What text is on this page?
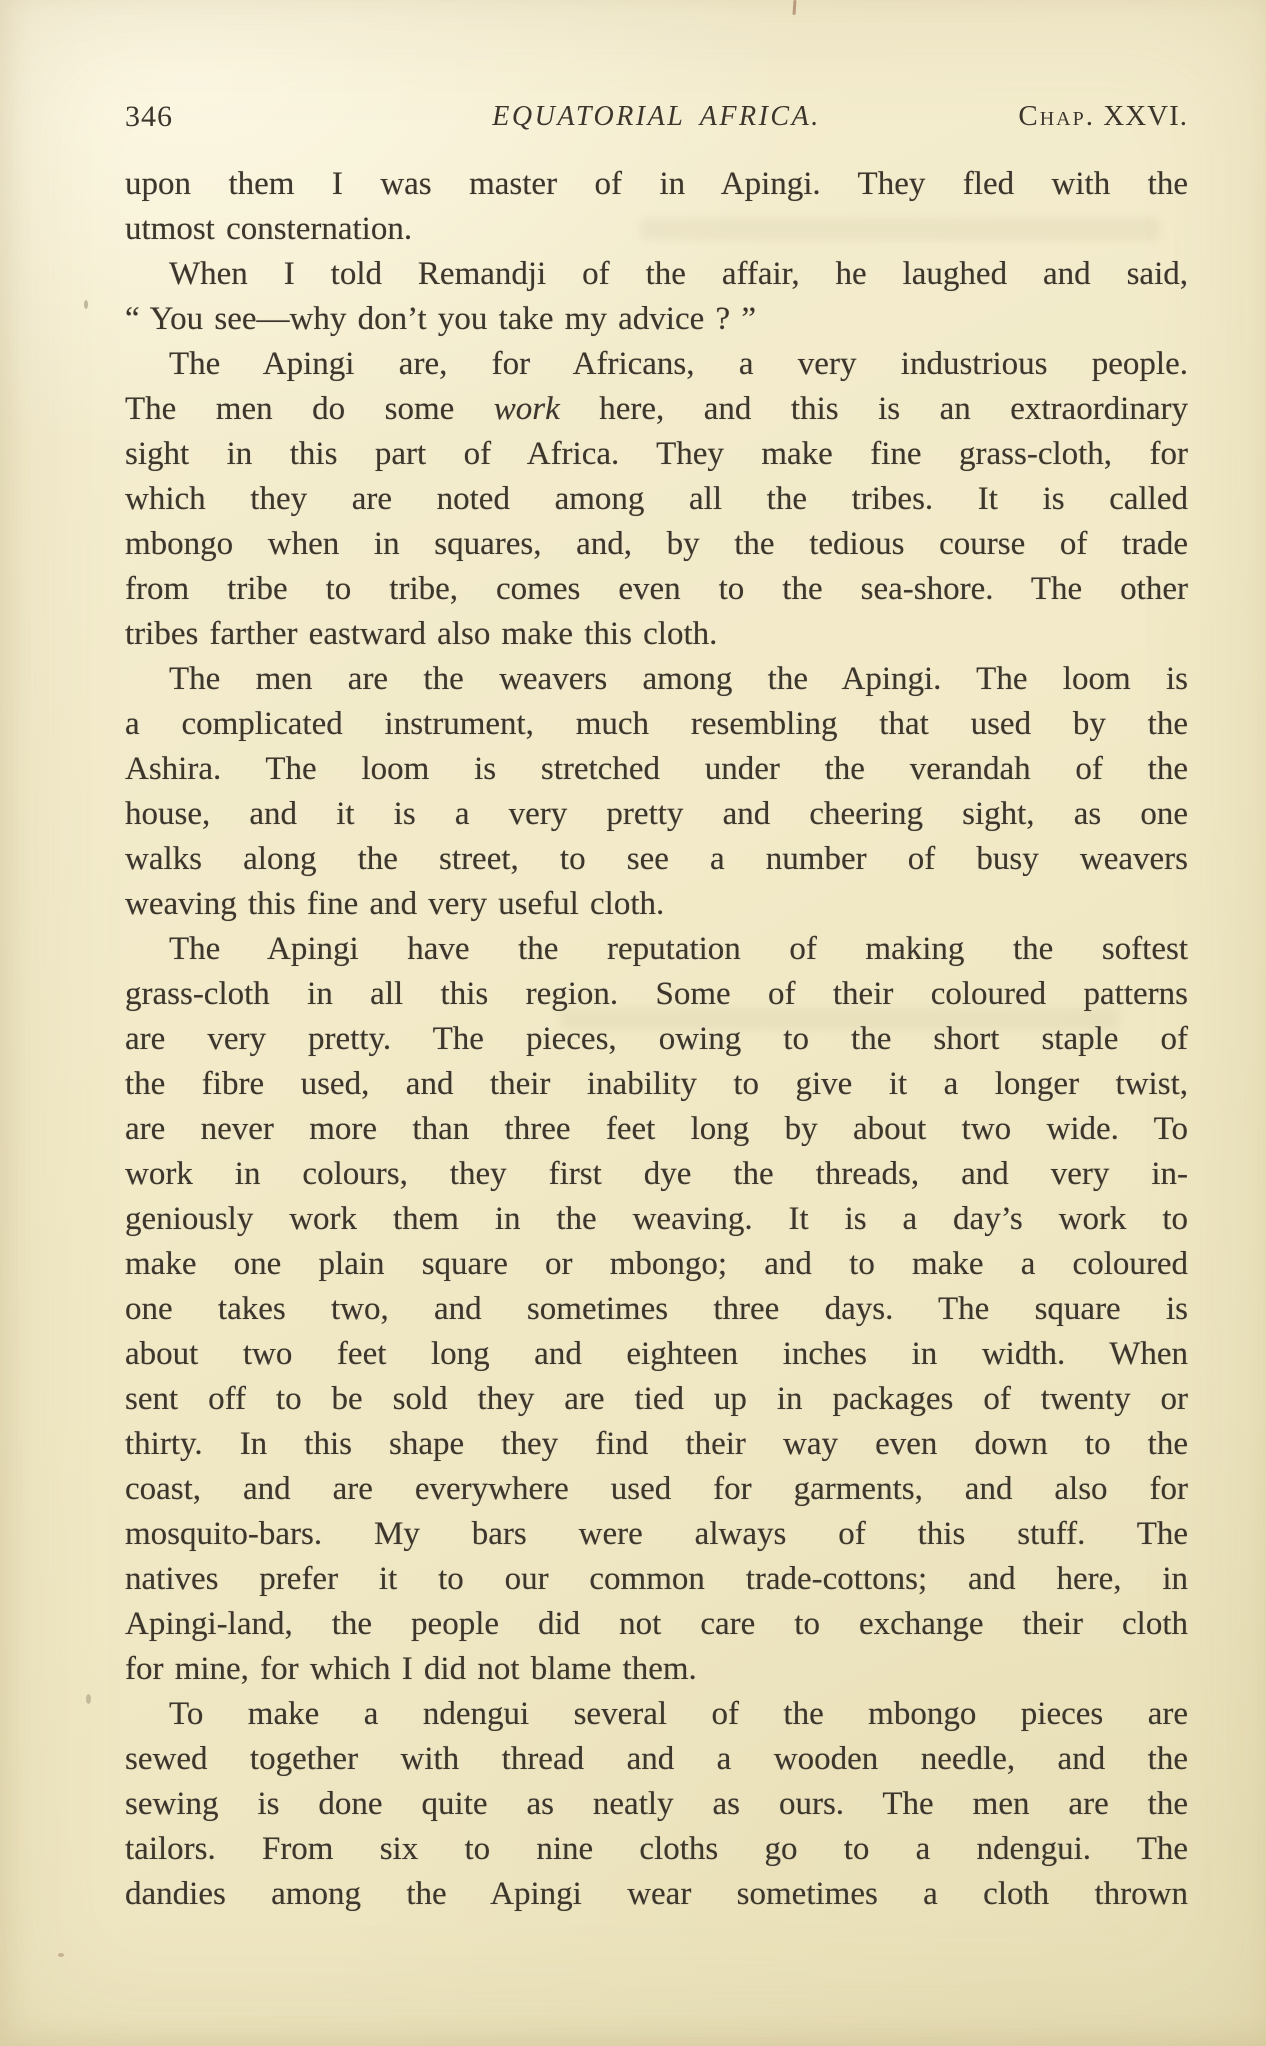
346	EQUATORIAL AFRICA.	Chap. XXVI.
upon them I was master of in Apingi. They fled with the
utmost consternation.
When I told Remandji of the affair, he laughed and said,
“ You see—why don’t you take my advice ? ”
The Apingi are, for Africans, a very industrious people.
The men do some work here, and this is an extraordinary
sight in this part of Africa. They make fine grass-cloth, for
which they are noted among all the tribes. It is called
mbongo when in squares, and, by the tedious course of trade
from tribe to tribe, comes even to the sea-shore. The other
tribes farther eastward also make this cloth.
The men are the weavers among the Apingi. The loom is
a complicated instrument, much resembling that used by the
Ashira. The loom is stretched under the verandah of the
house, and it is a very pretty and cheering sight, as one
walks along the street, to see a number of busy weavers
weaving this fine and very useful cloth.
The Apingi have the reputation of making the softest
grass-cloth in all this region. Some of their coloured patterns
are very pretty. The pieces, owing to the short staple of
the fibre used, and their inability to give it a longer twist,
are never more than three feet long by about two wide. To
work in colours, they first dye the threads, and very in-
geniously work them in the weaving. It is a day’s work to
make one plain square or mbongo; and to make a coloured
one takes two, and sometimes three days. The square is
about two feet long and eighteen inches in width. When
sent off to be sold they are tied up in packages of twenty or
thirty. In this shape they find their way even down to the
coast, and are everywhere used for garments, and also for
mosquito-bars. My bars were always of this stuff. The
natives prefer it to our common trade-cottons; and here, in
Apingi-land, the people did not care to exchange their cloth
for mine, for which I did not blame them.
To make a ndengui several of the mbongo pieces are
sewed together with thread and a wooden needle, and the
sewing is done quite as neatly as ours. The men are the
tailors. From six to nine cloths go to a ndengui. The
dandies among the Apingi wear sometimes a cloth thrown
